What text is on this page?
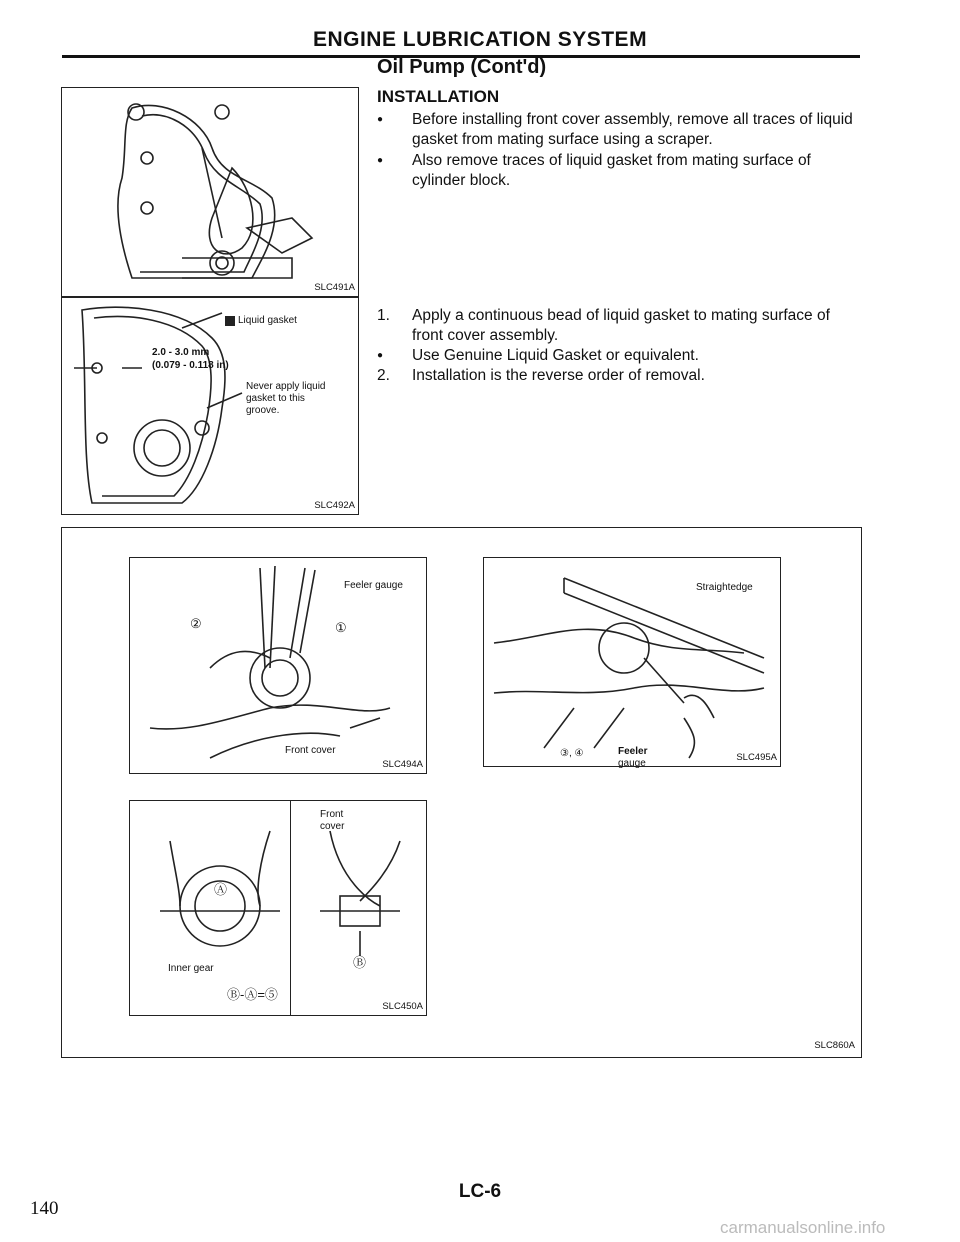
ENGINE LUBRICATION SYSTEM
Oil Pump (Cont'd)
INSTALLATION
● Before installing front cover assembly, remove all traces of liquid gasket from mating surface using a scraper.
● Also remove traces of liquid gasket from mating surface of cylinder block.
1. Apply a continuous bead of liquid gasket to mating surface of front cover assembly.
● Use Genuine Liquid Gasket or equivalent.
2. Installation is the reverse order of removal.
SLC491A
Liquid gasket
2.0 - 3.0 mm
(0.079 - 0.118 in)
Never apply liquid
gasket to this
groove.
SLC492A
Feeler gauge
②	①
Front cover
SLC494A
Straightedge
③, ④	Feeler
gauge
SLC495A
Ⓐ
Ⓑ
Front
cover
Inner gear
Ⓑ-Ⓐ=⑤
SLC450A
SLC860A
LC-6
140
carmanualsonline.info
